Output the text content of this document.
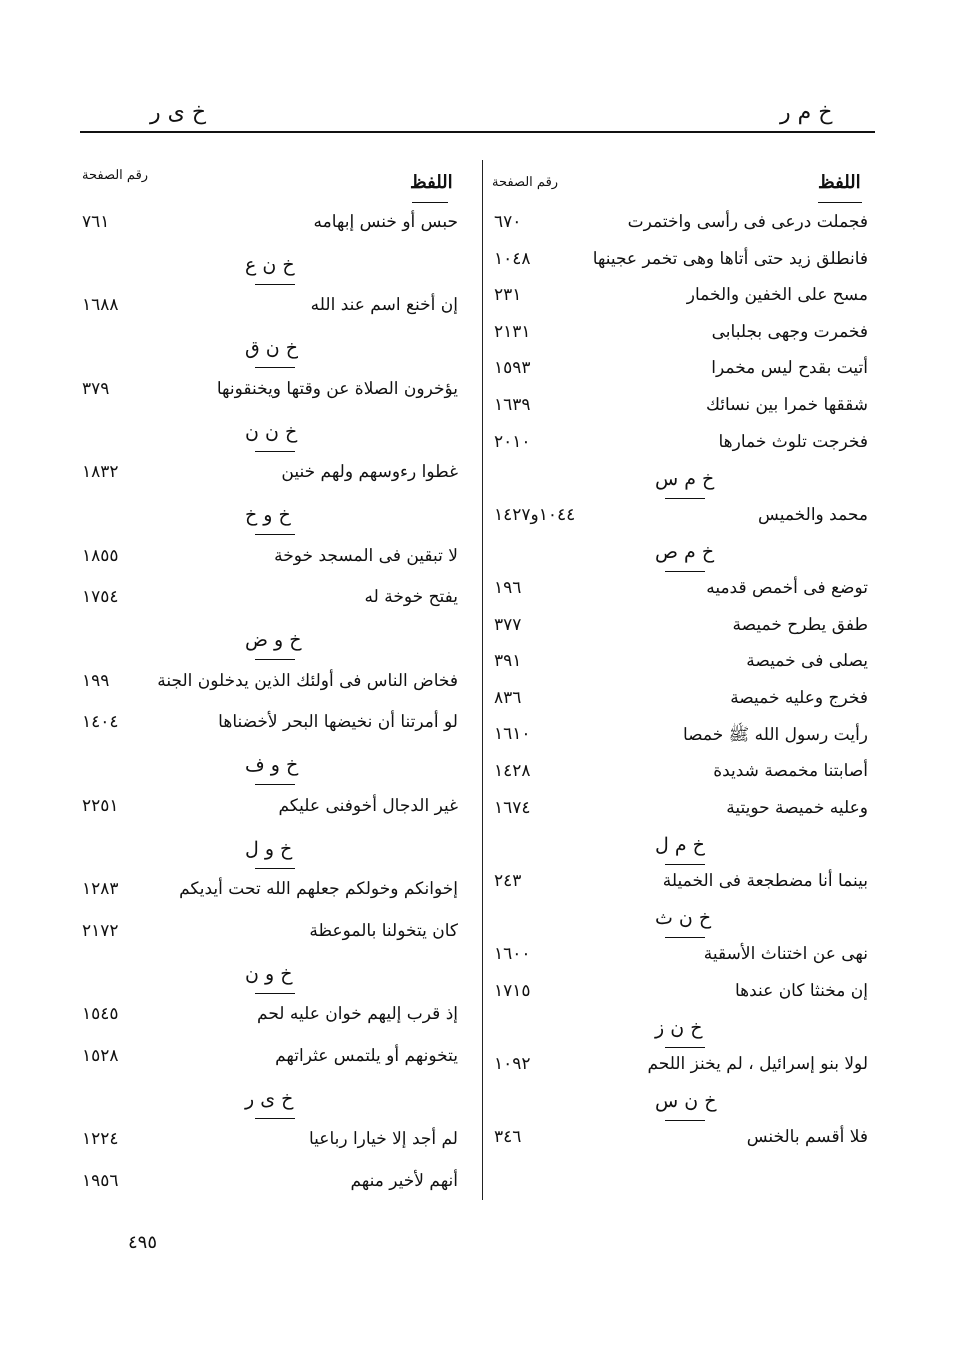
خ م ر
خ ى ر
اللفظ
رقم الصفحة
اللفظ
رقم الصفحة
فجملت درعى فى رأسى واختمرت
٦٧٠
فانطلق زيد حتى أتاها وهى تخمر عجينها
١٠٤٨
مسح على الخفين والخمار
٢٣١
فخمرت وجهى بجلبابى
٢١٣١
أتيت بقدح ليس مخمرا
١٥٩٣
شققها خمرا بين نسائك
١٦٣٩
فخرجت تلوث خمارها
٢٠١٠
خ م س
محمد والخميس
١٠٤٤و١٤٢٧
خ م ص
توضع فى أخمص قدميه
١٩٦
طفق يطرح خميصة
٣٧٧
يصلى فى خميصة
٣٩١
فخرج وعليه خميصة
٨٣٦
رأيت رسول الله ﷺ خمصا
١٦١٠
أصابتنا مخمصة شديدة
١٤٢٨
وعليه خميصة حويتية
١٦٧٤
خ م ل
بينما أنا مضطجعة فى الخميلة
٢٤٣
خ ن ث
نهى عن اختناث الأسقية
١٦٠٠
إن مخنثا كان عندها
١٧١٥
خ ن ز
لولا بنو إسرائيل ، لم يخنز اللحم
١٠٩٢
خ ن س
فلا أقسم بالخنس
٣٤٦
حبس أو خنس إبهامه
٧٦١
خ ن ع
إن أخنع اسم عند الله
١٦٨٨
خ ن ق
يؤخرون الصلاة عن وقتها ويخنقونها
٣٧٩
خ ن ن
غطوا رءوسهم ولهم خنين
١٨٣٢
خ و خ
لا تبقين فى المسجد خوخة
١٨٥٥
يفتح خوخة له
١٧٥٤
خ و ض
فخاض الناس فى أولئك الذين يدخلون الجنة
١٩٩
لو أمرتنا أن نخيضها البحر لأخضناها
١٤٠٤
خ و ف
غير الدجال أخوفنى عليكم
٢٢٥١
خ و ل
إخوانكم وخولكم جعلهم الله تحت أيديكم
١٢٨٣
كان يتخولنا بالموعظة
٢١٧٢
خ و ن
إذ قرب إليهم خوان عليه لحم
١٥٤٥
يتخونهم أو يلتمس عثراتهم
١٥٢٨
خ ى ر
لم أجد إلا خيارا رباعيا
١٢٢٤
أنهم لأخير منهم
١٩٥٦
٤٩٥
